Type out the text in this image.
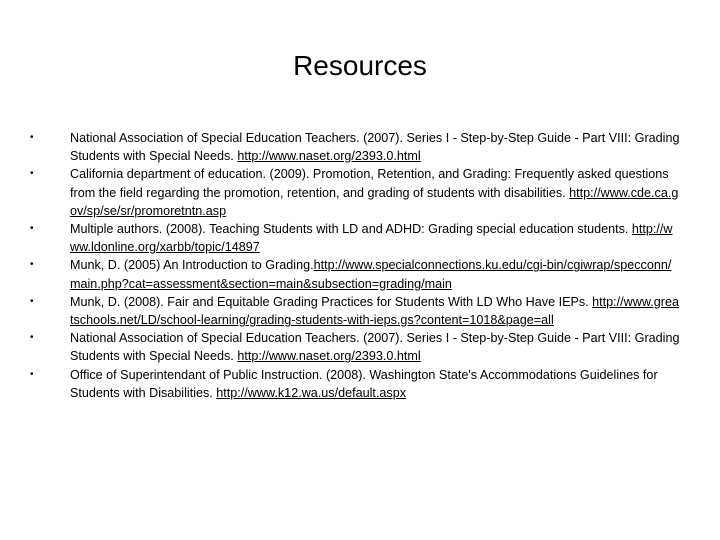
Resources
•	National Association of Special Education Teachers. (2007). Series I - Step-by-Step Guide - Part VIII: Grading Students with Special Needs. http://www.naset.org/2393.0.html
•	California department of education. (2009). Promotion, Retention, and Grading: Frequently asked questions from the field regarding the promotion, retention, and grading of students with disabilities. http://www.cde.ca.gov/sp/se/sr/promoretntn.asp
•	Multiple authors. (2008). Teaching Students with LD and ADHD: Grading special education students. http://www.ldonline.org/xarbb/topic/14897
•	Munk, D. (2005) An Introduction to Grading.http://www.specialconnections.ku.edu/cgi-bin/cgiwrap/specconn/main.php?cat=assessment&section=main&subsection=grading/main
•	Munk, D. (2008). Fair and Equitable Grading Practices for Students With LD Who Have IEPs. http://www.greatschools.net/LD/school-learning/grading-students-with-ieps.gs?content=1018&page=all
•	National Association of Special Education Teachers. (2007). Series I - Step-by-Step Guide - Part VIII: Grading Students with Special Needs. http://www.naset.org/2393.0.html
•	Office of Superintendant of Public Instruction. (2008). Washington State's Accommodations Guidelines for Students with Disabilities. http://www.k12.wa.us/default.aspx
